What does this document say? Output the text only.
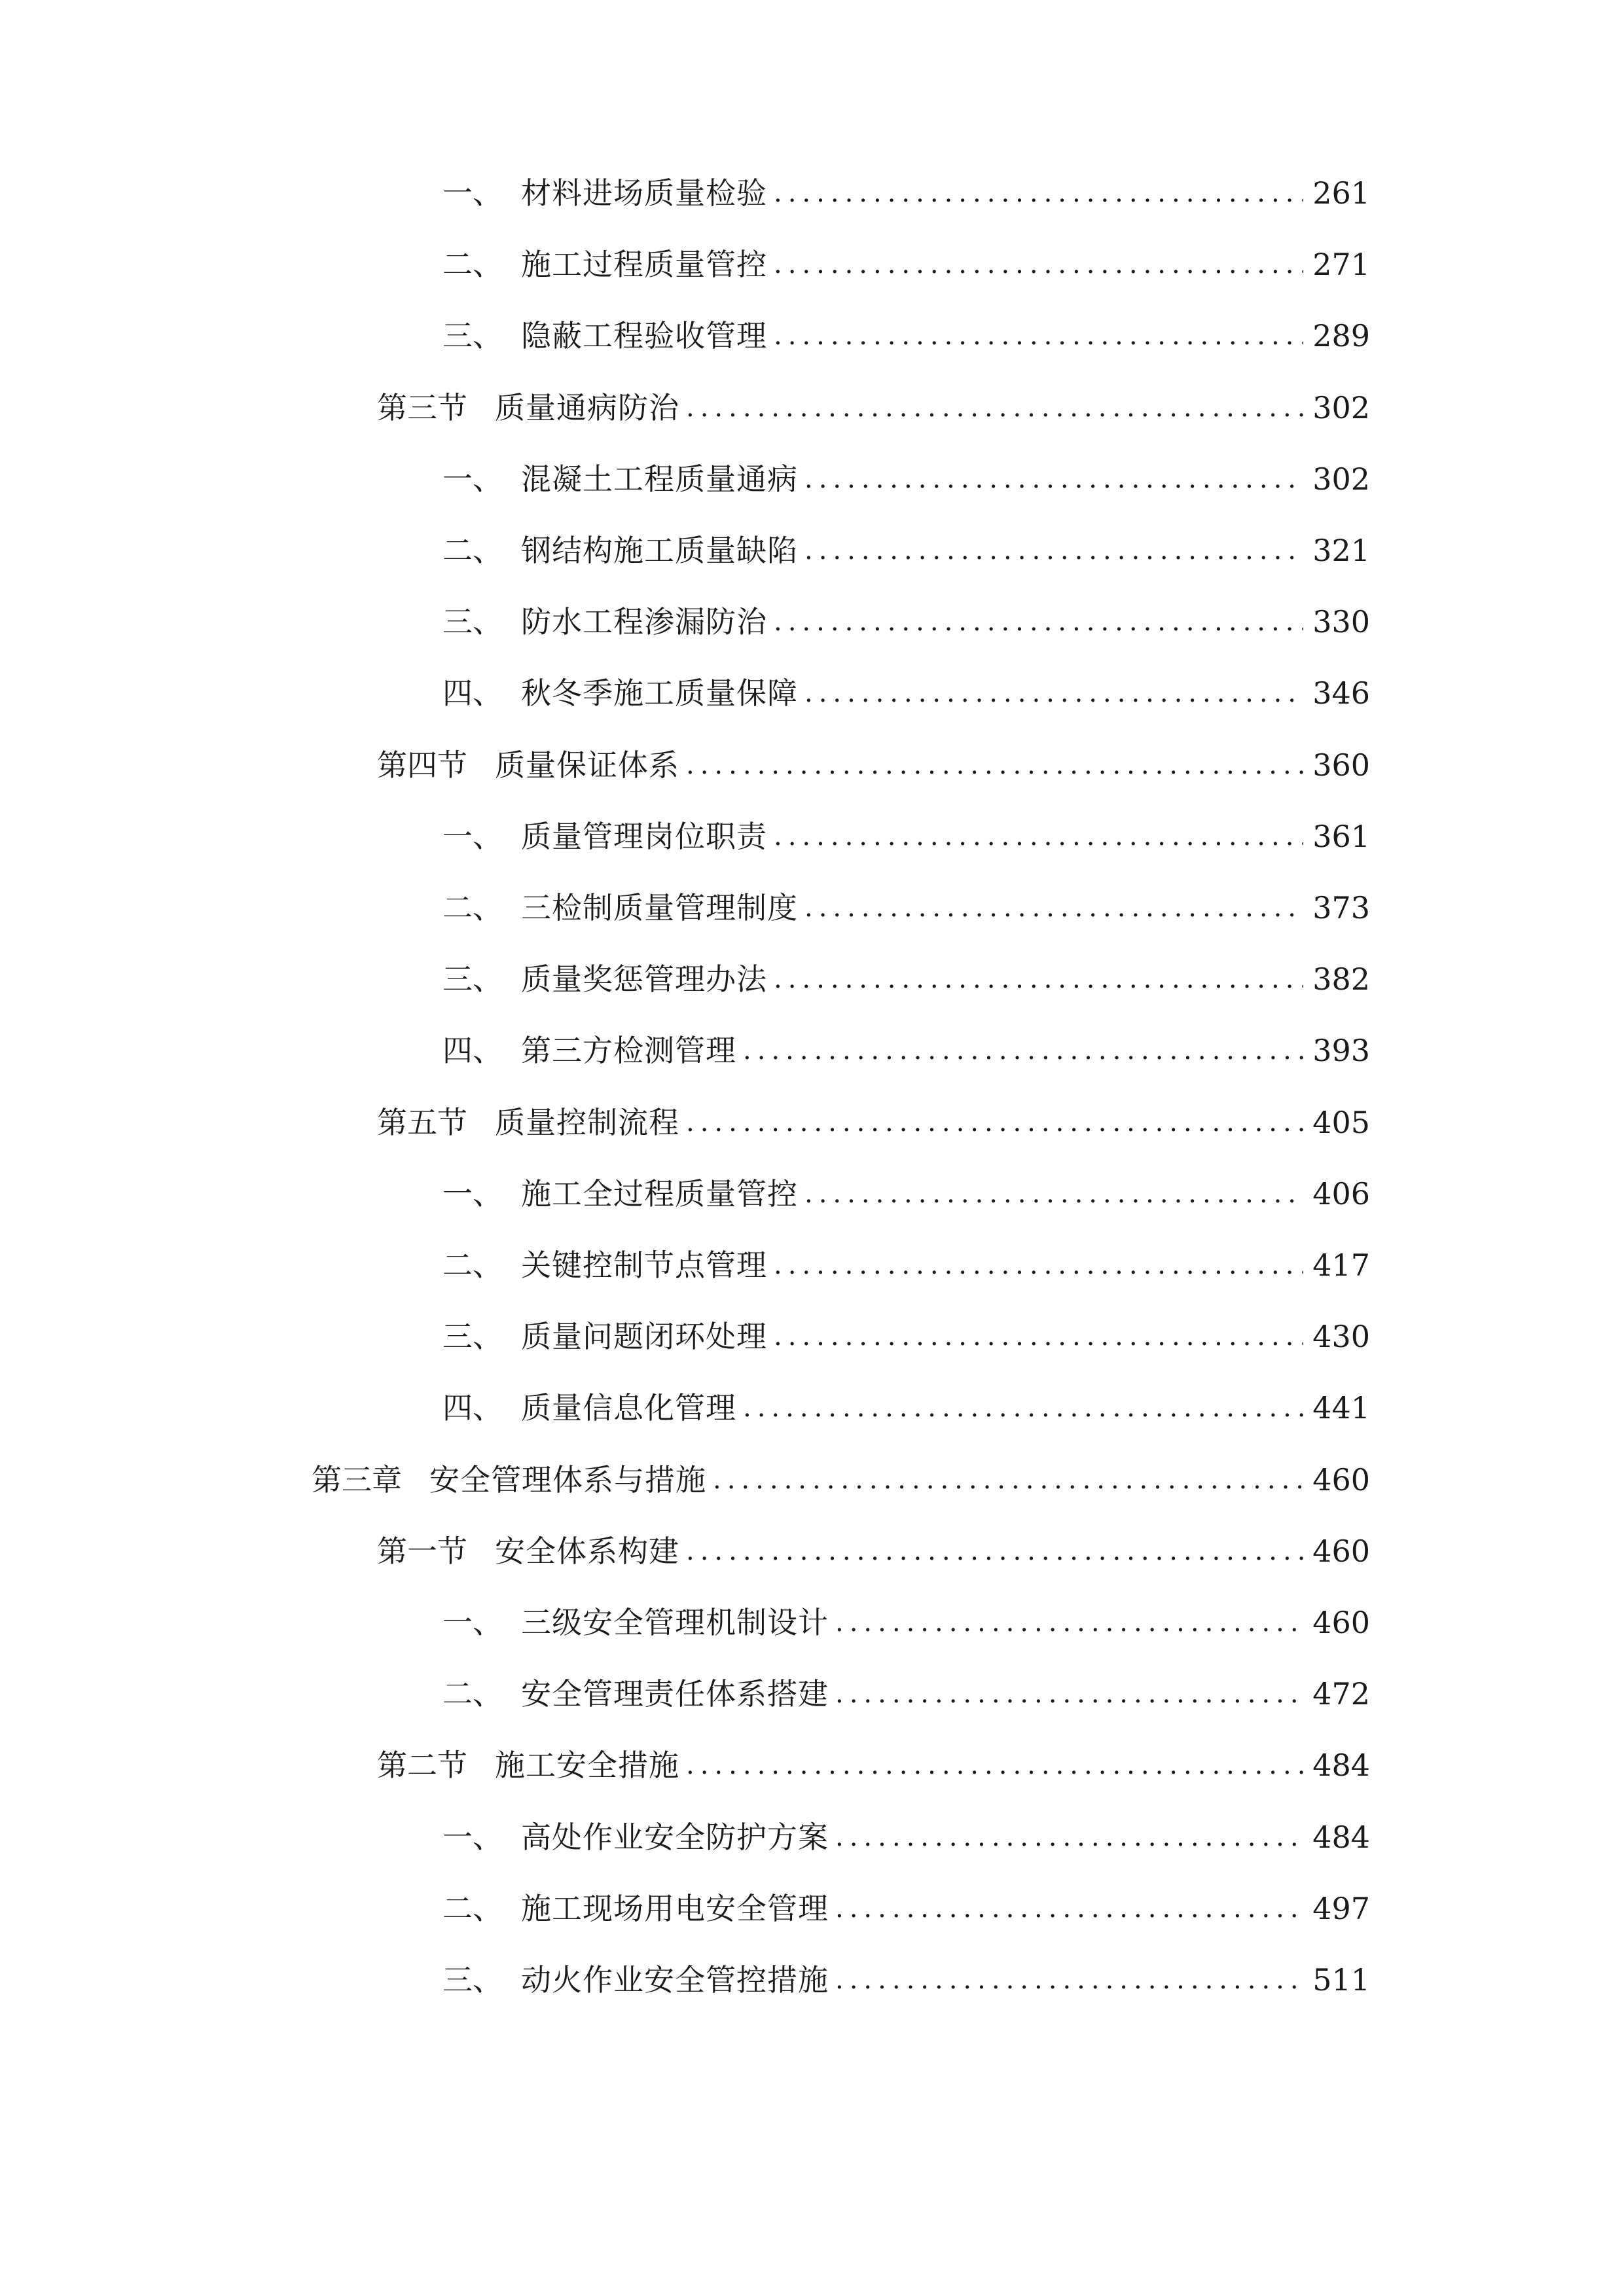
一、 材料进场质量检验 .....	261
二、 施工过程质量管控 .....	271
三、 隐蔽工程验收管理 .....	289
第三节 质量通病防治 .....	302
一、 混凝土工程质量通病 .....	302
二、 钢结构施工质量缺陷 .....	321
三、 防水工程渗漏防治 .....	330
四、 秋冬季施工质量保障 .....	346
第四节 质量保证体系 .....	360
一、 质量管理岗位职责 .....	361
二、 三检制质量管理制度 .....	373
三、 质量奖惩管理办法 .....	382
四、 第三方检测管理 .....	393
第五节 质量控制流程 .....	405
一、 施工全过程质量管控 .....	406
二、 关键控制节点管理 .....	417
三、 质量问题闭环处理 .....	430
四、 质量信息化管理 .....	441
第三章 安全管理体系与措施 .....	460
第一节 安全体系构建 .....	460
一、 三级安全管理机制设计 .....	460
二、 安全管理责任体系搭建 .....	472
第二节 施工安全措施 .....	484
一、 高处作业安全防护方案 .....	484
二、 施工现场用电安全管理 .....	497
三、 动火作业安全管控措施 .....	511
